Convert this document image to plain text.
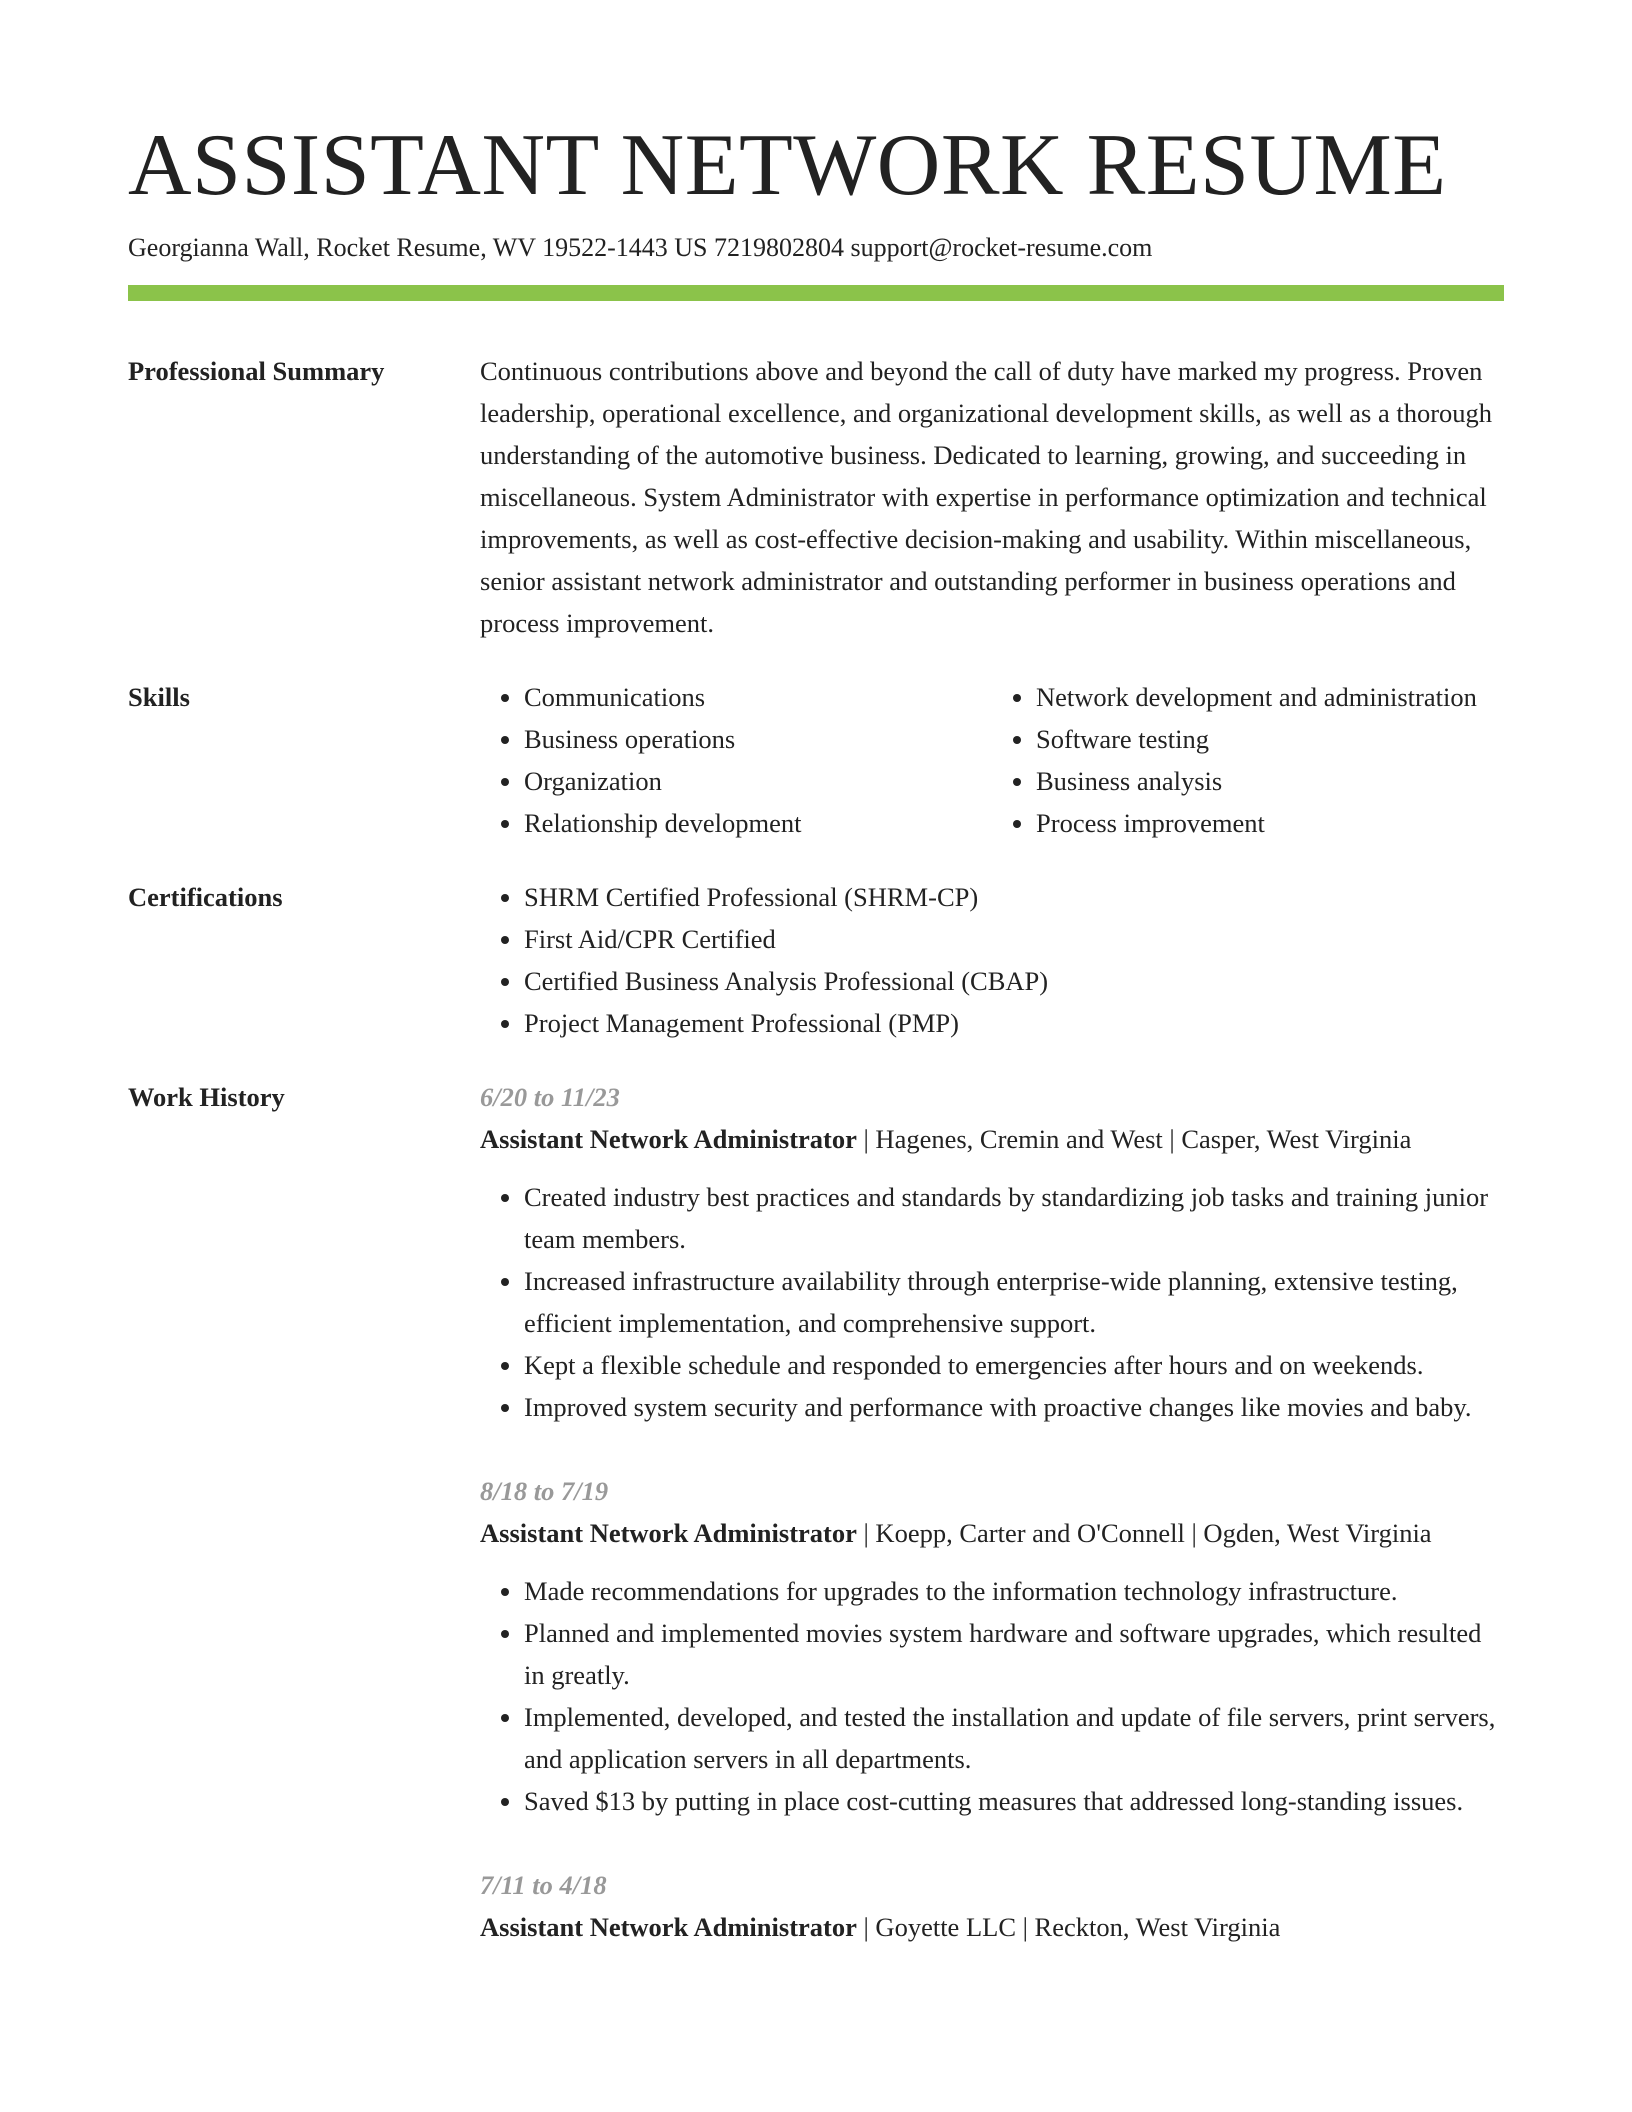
ASSISTANT NETWORK RESUME
Georgianna Wall, Rocket Resume, WV 19522-1443 US 7219802804 support@rocket-resume.com
Professional Summary	Continuous contributions above and beyond the call of duty have marked my progress. Proven leadership, operational excellence, and organizational development skills, as well as a thorough understanding of the automotive business. Dedicated to learning, growing, and succeeding in miscellaneous. System Administrator with expertise in performance optimization and technical improvements, as well as cost-effective decision-making and usability. Within miscellaneous, senior assistant network administrator and outstanding performer in business operations and process improvement.

Skills	• Communications
• Business operations
• Organization
• Relationship development
• Network development and administration
• Software testing
• Business analysis
• Process improvement
Certifications	• SHRM Certified Professional (SHRM-CP)
• First Aid/CPR Certified
• Certified Business Analysis Professional (CBAP)
• Project Management Professional (PMP)
Work History	6/20 to 11/23

Assistant Network Administrator | Hagenes, Cremin and West | Casper, West Virginia

• Created industry best practices and standards by standardizing job tasks and training junior team members.
• Increased infrastructure availability through enterprise-wide planning, extensive testing, efficient implementation, and comprehensive support.
• Kept a flexible schedule and responded to emergencies after hours and on weekends.
• Improved system security and performance with proactive changes like movies and baby.
8/18 to 7/19

Assistant Network Administrator | Koepp, Carter and O'Connell | Ogden, West Virginia

• Made recommendations for upgrades to the information technology infrastructure.
• Planned and implemented movies system hardware and software upgrades, which resulted in greatly.
• Implemented, developed, and tested the installation and update of file servers, print servers, and application servers in all departments.
• Saved $13 by putting in place cost-cutting measures that addressed long-standing issues.
7/11 to 4/18

Assistant Network Administrator | Goyette LLC | Reckton, West Virginia
